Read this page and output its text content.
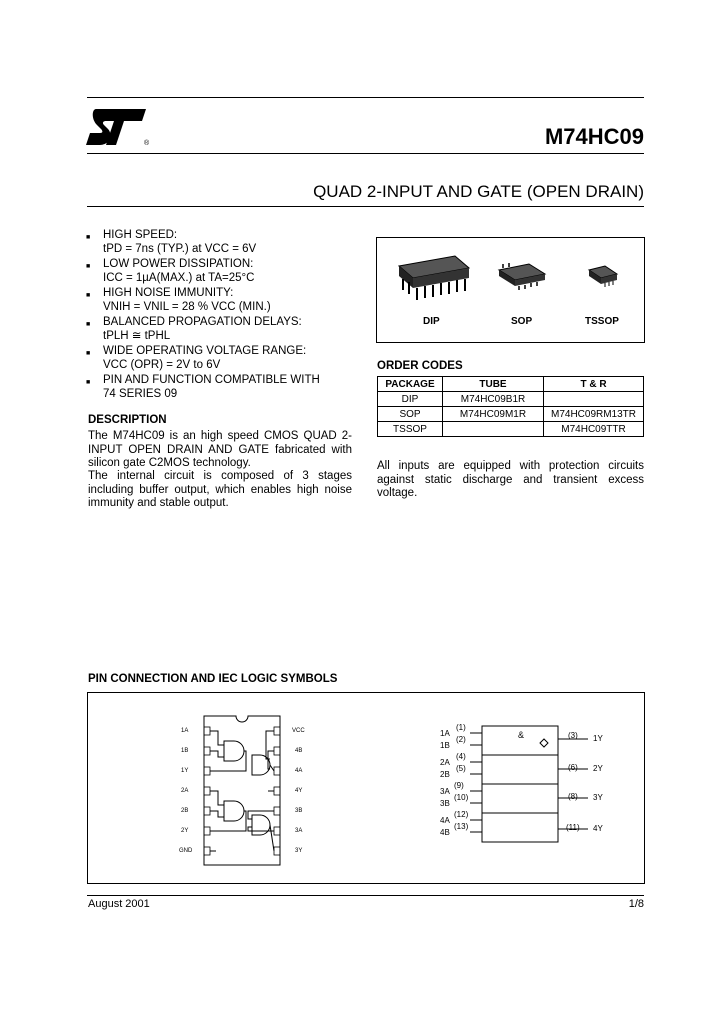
®	M74HC09
QUAD 2-INPUT AND GATE (OPEN DRAIN)
■ HIGH SPEED:
tPD = 7ns (TYP.) at VCC = 6V
■ LOW POWER DISSIPATION:
ICC = 1µA(MAX.) at TA=25°C
■ HIGH NOISE IMMUNITY:
VNIH = VNIL = 28 % VCC (MIN.)
■ BALANCED PROPAGATION DELAYS:
tPLH ≅ tPHL
■ WIDE OPERATING VOLTAGE RANGE:
VCC (OPR) = 2V to 6V
■ PIN AND FUNCTION COMPATIBLE WITH
74 SERIES 09
DESCRIPTION
The M74HC09 is an high speed CMOS QUAD 2-INPUT OPEN DRAIN AND GATE fabricated with silicon gate C2MOS technology.
The internal circuit is composed of 3 stages including buffer output, which enables high noise immunity and stable output.
DIP	SOP	TSSOP
ORDER CODES
PACKAGE	TUBE	T & R
DIP	M74HC09B1R	
SOP	M74HC09M1R	M74HC09RM13TR
TSSOP		M74HC09TTR
All inputs are equipped with protection circuits against static discharge and transient excess voltage.
PIN CONNECTION AND IEC LOGIC SYMBOLS
1A
1B
1Y
2A
2B
2Y
GND
VCC
4B
4A
4Y
3B
3A
3Y
1A
1B
2A
2B
3A
3B
4A
4B
(1)
(2)
(4)
(5)
(9)
(10)
(12)
(13)
&	(3)
(6)
(8)
(11)
1Y
2Y
3Y
4Y
August 2001	1/8
